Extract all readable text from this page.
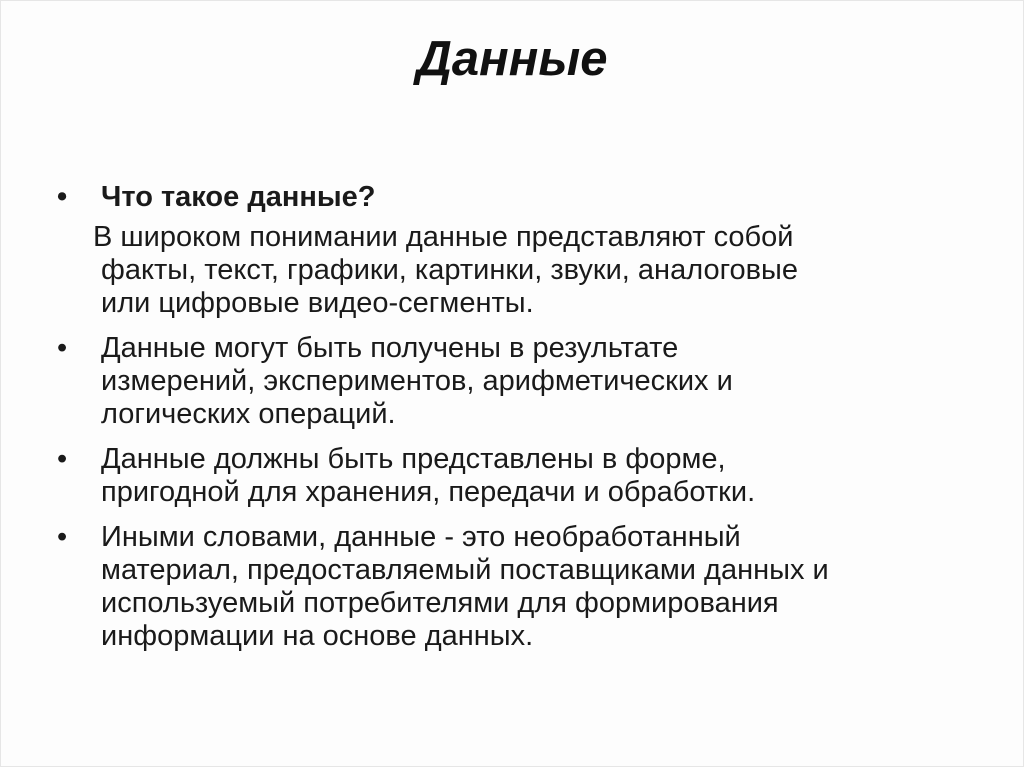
Данные
•	Что такое данные?
В широком понимании данные представляют собой
факты, текст, графики, картинки, звуки, аналоговые
или цифровые видео-сегменты.
•	Данные могут быть получены в результате
измерений, экспериментов, арифметических и
логических операций.
•	Данные должны быть представлены в форме,
пригодной для хранения, передачи и обработки.
•	Иными словами, данные - это необработанный
материал, предоставляемый поставщиками данных и
используемый потребителями для формирования
информации на основе данных.
